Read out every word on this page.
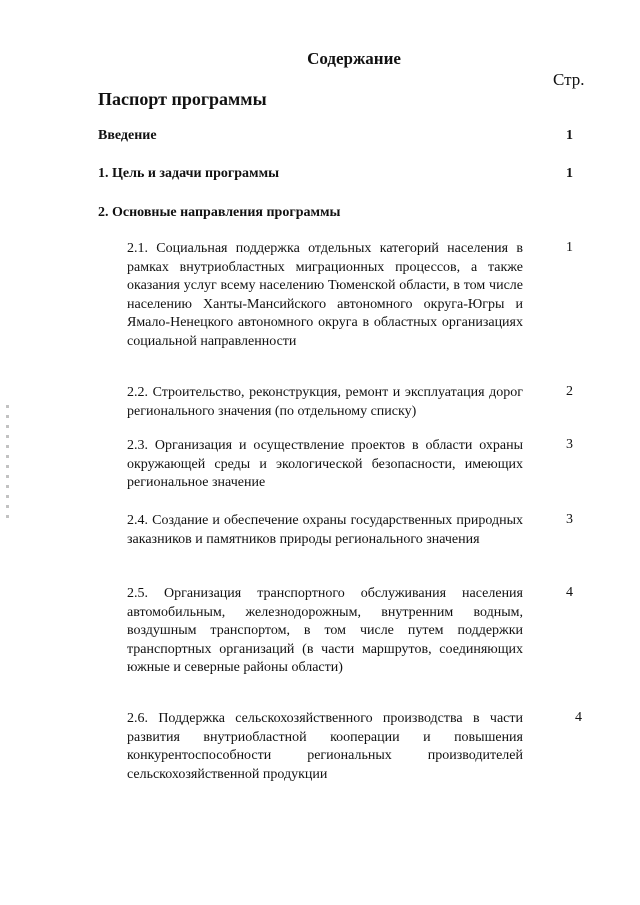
Содержание
Стр.
Паспорт программы
Введение	1
1. Цель и задачи программы	1
2. Основные направления программы
2.1. Социальная поддержка отдельных категорий населения в рамках внутриобластных миграционных процессов, а также оказания услуг всему населению Тюменской области, в том числе населению Ханты-Мансийского автономного округа-Югры и Ямало-Ненецкого автономного округа в областных организациях социальной направленности
1
2.2. Строительство, реконструкция, ремонт и эксплуатация дорог регионального значения (по отдельному списку)
2
2.3. Организация и осуществление проектов в области охраны окружающей среды и экологической безопасности, имеющих региональное значение
3
2.4. Создание и обеспечение охраны государственных природных заказников и памятников природы регионального значения
3
2.5. Организация транспортного обслуживания населения автомобильным, железнодорожным, внутренним водным, воздушным транспортом, в том числе путем поддержки транспортных организаций (в части маршрутов, соединяющих южные и северные районы области)
4
2.6. Поддержка сельскохозяйственного производства в части развития внутриобластной кооперации и повышения конкурентоспособности региональных производителей сельскохозяйственной продукции
4
